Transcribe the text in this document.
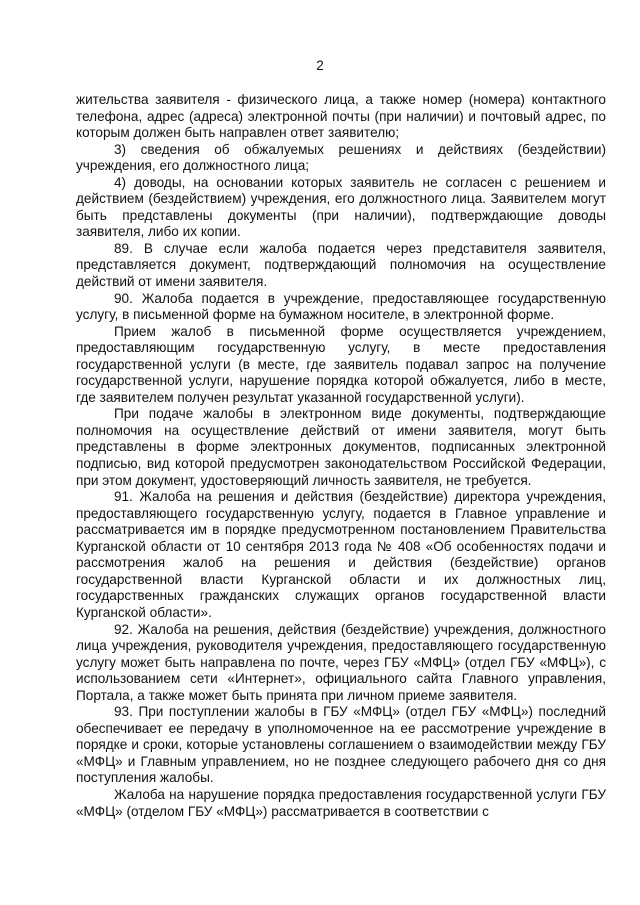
2

жительства заявителя - физического лица, а также номер (номера) контактного телефона, адрес (адреса) электронной почты (при наличии) и почтовый адрес, по которым должен быть направлен ответ заявителю;

3) сведения об обжалуемых решениях и действиях (бездействии) учреждения, его должностного лица;

4) доводы, на основании которых заявитель не согласен с решением и действием (бездействием) учреждения, его должностного лица. Заявителем могут быть представлены документы (при наличии), подтверждающие доводы заявителя, либо их копии.

89. В случае если жалоба подается через представителя заявителя, представляется документ, подтверждающий полномочия на осуществление действий от имени заявителя.

90. Жалоба подается в учреждение, предоставляющее государственную услугу, в письменной форме на бумажном носителе, в электронной форме.

Прием жалоб в письменной форме осуществляется учреждением, предоставляющим государственную услугу, в месте предоставления государственной услуги (в месте, где заявитель подавал запрос на получение государственной услуги, нарушение порядка которой обжалуется, либо в месте, где заявителем получен результат указанной государственной услуги).

При подаче жалобы в электронном виде документы, подтверждающие полномочия на осуществление действий от имени заявителя, могут быть представлены в форме электронных документов, подписанных электронной подписью, вид которой предусмотрен законодательством Российской Федерации, при этом документ, удостоверяющий личность заявителя, не требуется.

91. Жалоба на решения и действия (бездействие) директора учреждения, предоставляющего государственную услугу, подается в Главное управление и рассматривается им в порядке предусмотренном постановлением Правительства Курганской области от 10 сентября 2013 года № 408 «Об особенностях подачи и рассмотрения жалоб на решения и действия (бездействие) органов государственной власти Курганской области и их должностных лиц, государственных гражданских служащих органов государственной власти Курганской области».

92. Жалоба на решения, действия (бездействие) учреждения, должностного лица учреждения, руководителя учреждения, предоставляющего государственную услугу может быть направлена по почте, через ГБУ «МФЦ» (отдел ГБУ «МФЦ»), с использованием сети «Интернет», официального сайта Главного управления, Портала, а также может быть принята при личном приеме заявителя.

93. При поступлении жалобы в ГБУ «МФЦ» (отдел ГБУ «МФЦ») последний обеспечивает ее передачу в уполномоченное на ее рассмотрение учреждение в порядке и сроки, которые установлены соглашением о взаимодействии между ГБУ «МФЦ» и Главным управлением, но не позднее следующего рабочего дня со дня поступления жалобы.

Жалоба на нарушение порядка предоставления государственной услуги ГБУ «МФЦ» (отделом ГБУ «МФЦ») рассматривается в соответствии с
